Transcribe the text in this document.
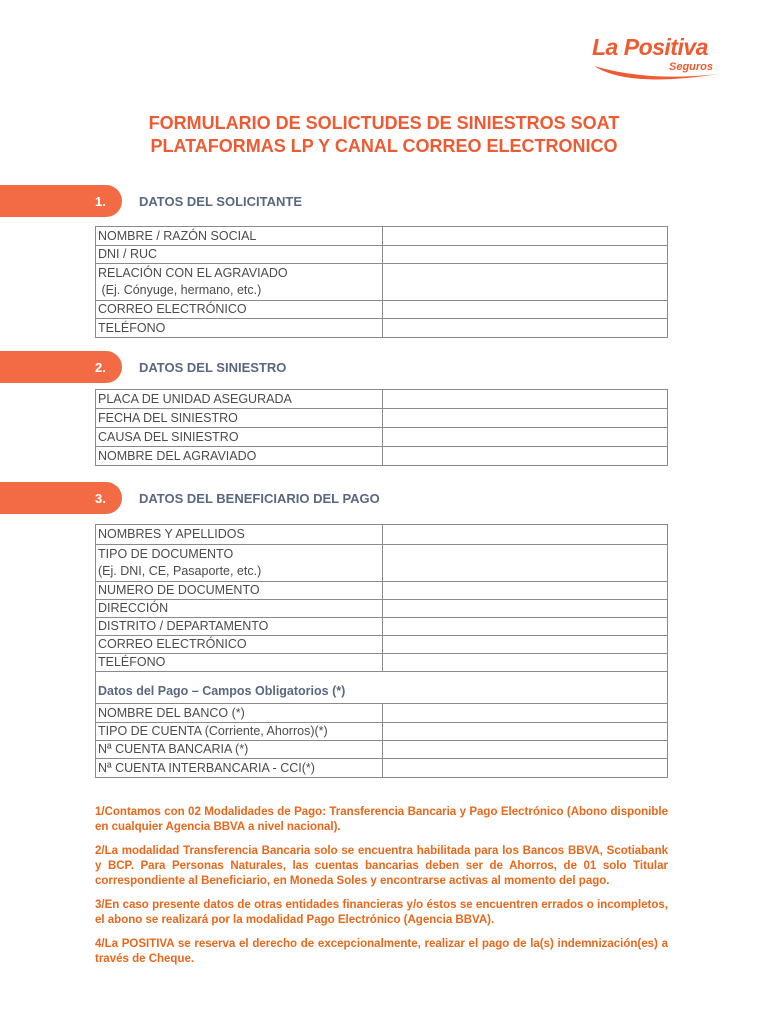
La Positiva
Seguros
FORMULARIO DE SOLICTUDES DE SINIESTROS SOAT
PLATAFORMAS LP Y CANAL CORREO ELECTRONICO
1.	DATOS DEL SOLICITANTE
NOMBRE / RAZÓN SOCIAL	
DNI / RUC	

RELACIÓN CON EL AGRAVIADO
(Ej. Cónyuge, hermano, etc.)	

CORREO ELECTRÓNICO	
TELÉFONO	
2.	DATOS DEL SINIESTRO
PLACA DE UNIDAD ASEGURADA	
FECHA DEL SINIESTRO	
CAUSA DEL SINIESTRO	
NOMBRE DEL AGRAVIADO	
3.	DATOS DEL BENEFICIARIO DEL PAGO
NOMBRES Y APELLIDOS	

TIPO DE DOCUMENTO
(Ej. DNI, CE, Pasaporte, etc.)	

NUMERO DE DOCUMENTO	
DIRECCIÓN	
DISTRITO / DEPARTAMENTO	
CORREO ELECTRÓNICO	
TELÉFONO	
Datos del Pago – Campos Obligatorios (*)	
NOMBRE DEL BANCO (*)	
TIPO DE CUENTA (Corriente, Ahorros)(*)	
Nª CUENTA BANCARIA (*)	
Nª CUENTA INTERBANCARIA - CCI(*)	

1/Contamos con 02 Modalidades de Pago: Transferencia Bancaria y Pago Electrónico (Abono disponible en cualquier Agencia BBVA a nivel nacional).

2/La modalidad Transferencia Bancaria solo se encuentra habilitada para los Bancos BBVA, Scotiabank y BCP. Para Personas Naturales, las cuentas bancarias deben ser de Ahorros, de 01 solo Titular correspondiente al Beneficiario, en Moneda Soles y encontrarse activas al momento del pago.

3/En caso presente datos de otras entidades financieras y/o éstos se encuentren errados o incompletos, el abono se realizará por la modalidad Pago Electrónico (Agencia BBVA).

4/La POSITIVA se reserva el derecho de excepcionalmente, realizar el pago de la(s) indemnización(es) a través de Cheque.
